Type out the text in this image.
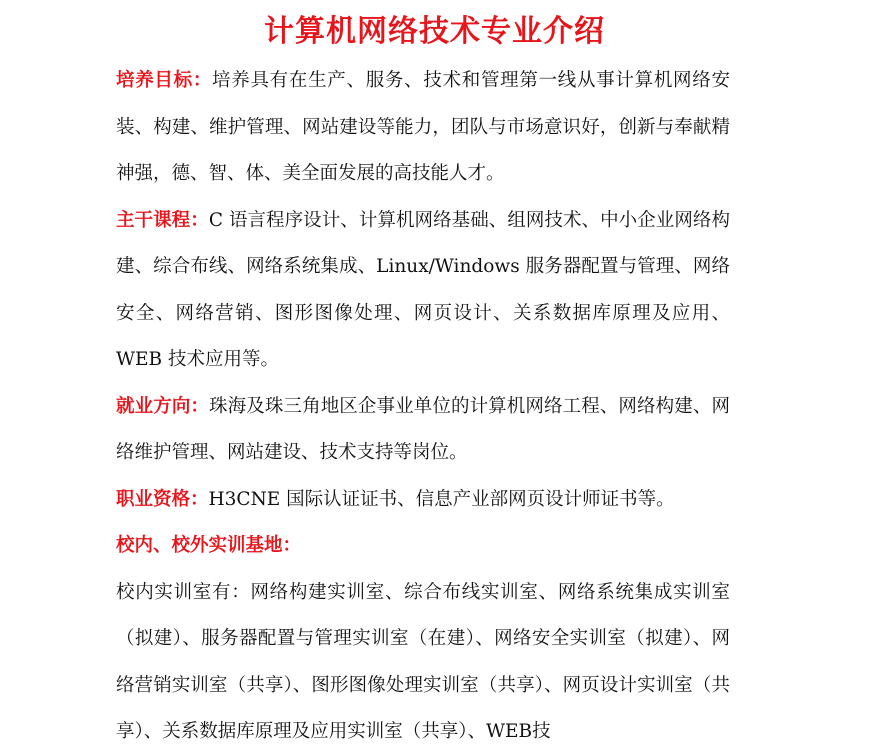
计算机网络技术专业介绍

培养目标：培养具有在生产、服务、技术和管理第一线从事计算机网络安装、构建、维护管理、网站建设等能力，团队与市场意识好，创新与奉献精神强，德、智、体、美全面发展的高技能人才。

主干课程：C 语言程序设计、计算机网络基础、组网技术、中小企业网络构建、综合布线、网络系统集成、Linux/Windows 服务器配置与管理、网络安全、网络营销、图形图像处理、网页设计、关系数据库原理及应用、WEB 技术应用等。

就业方向：珠海及珠三角地区企事业单位的计算机网络工程、网络构建、网络维护管理、网站建设、技术支持等岗位。

职业资格：H3CNE 国际认证证书、信息产业部网页设计师证书等。

校内、校外实训基地：

校内实训室有：网络构建实训室、综合布线实训室、网络系统集成实训室（拟建）、服务器配置与管理实训室（在建）、网络安全实训室（拟建）、网络营销实训室（共享）、图形图像处理实训室（共享）、网页设计实训室（共享）、关系数据库原理及应用实训室（共享）、WEB技
